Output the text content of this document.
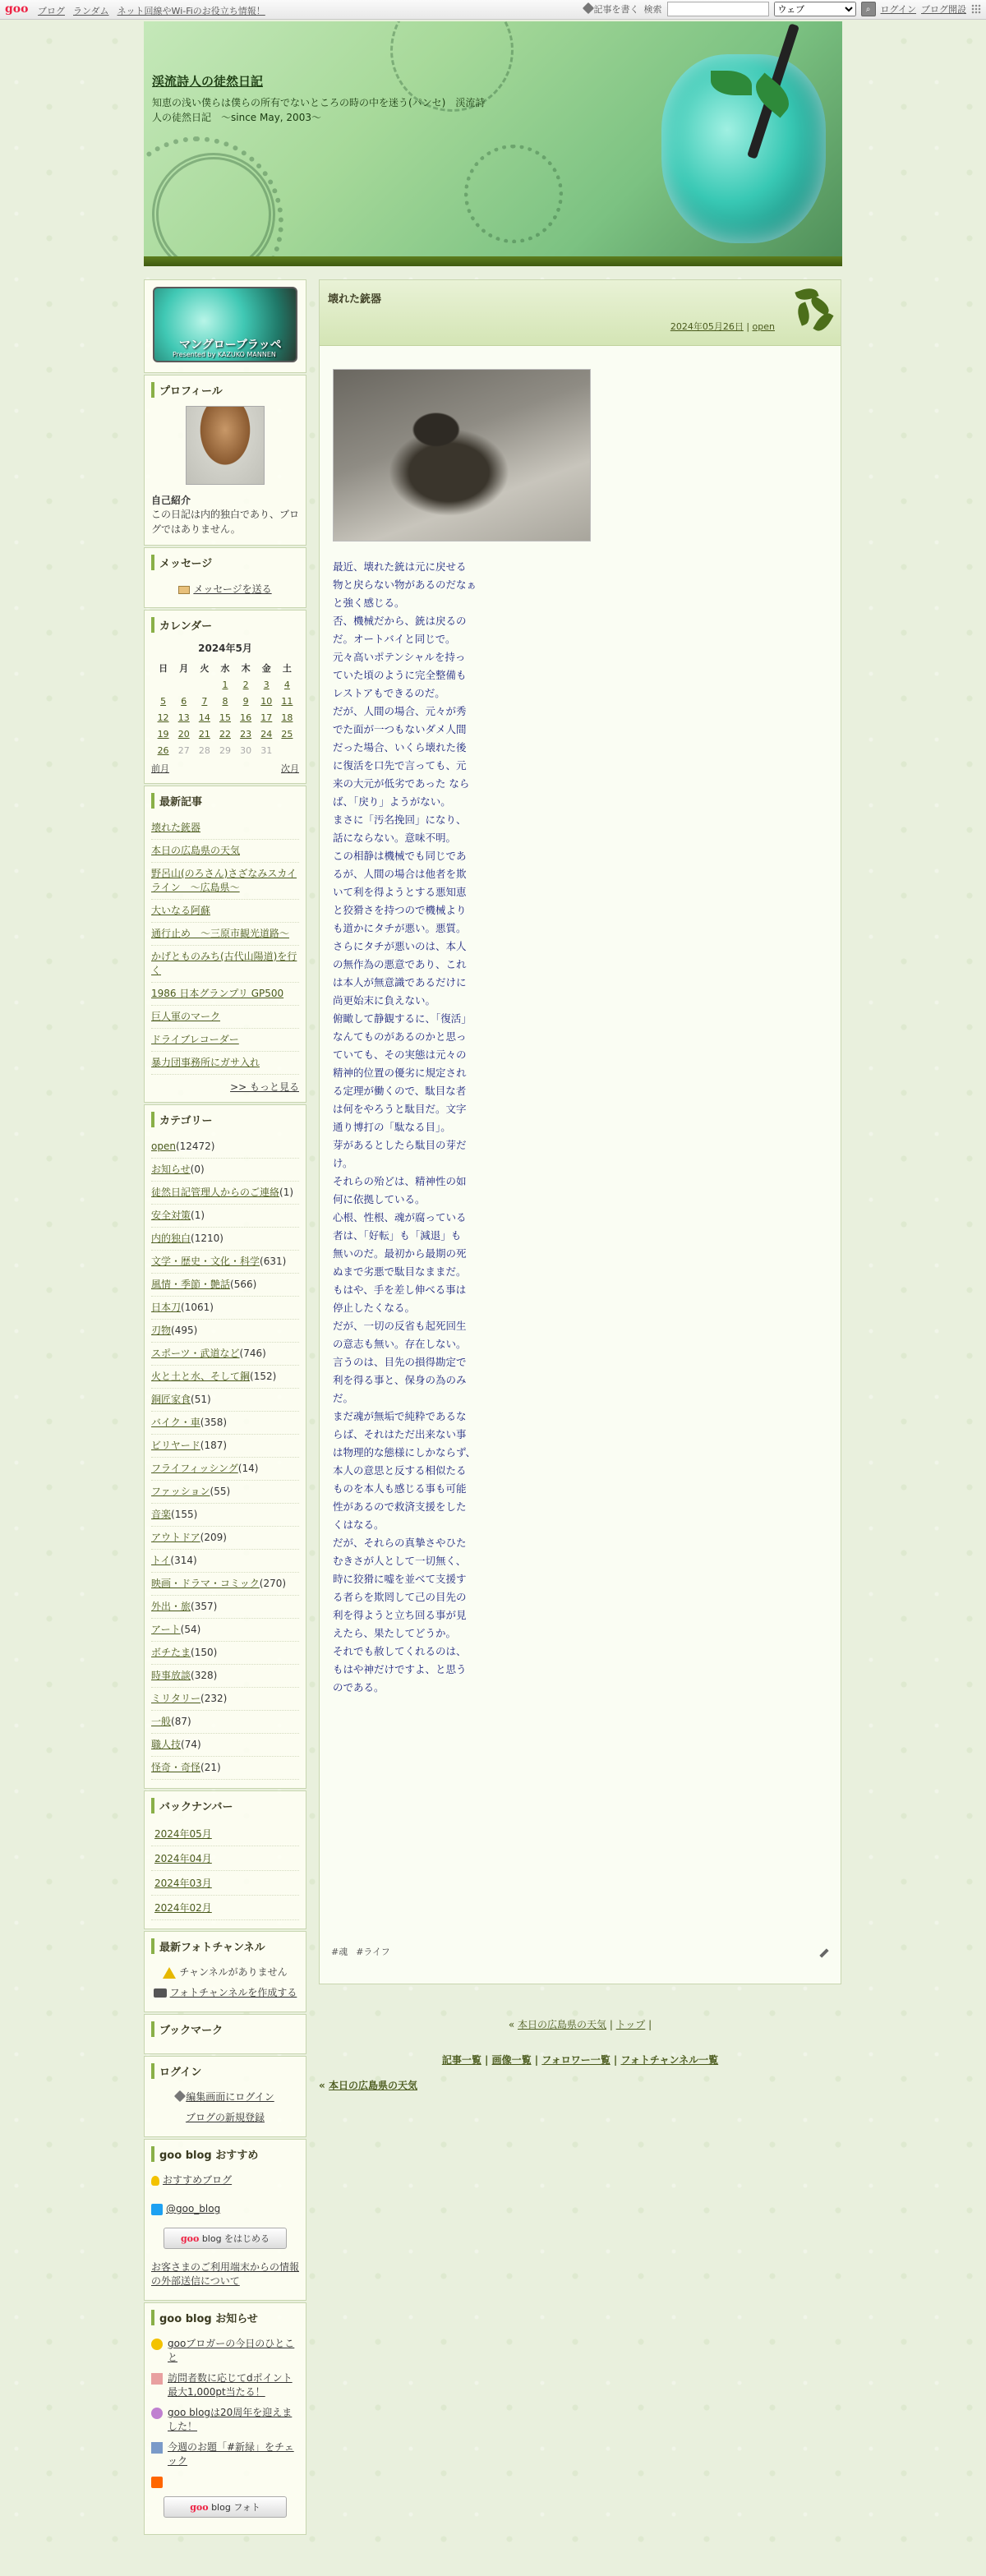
goo ブログ ランダム ネット回線やWi-Fiのお役立ち情報！	記事を書く 検索
ウェブ	⌕	ログイン ブログ開設
渓流詩人の徒然日記
知恵の浅い僕らは僕らの所有でないところの時の中を迷う(パンセ)　渓流詩人の徒然日記　～since May, 2003～
マングローブラッペ
Presented by KAZUKO MANNEN
プロフィール
自己紹介
この日記は内的独白であり、ブログではありません。
メッセージ
メッセージを送る
カレンダー
2024年5月
日	月	火	水	木	金	土
			1	2	3	4
5	6	7	8	9	10	11
12	13	14	15	16	17	18
19	20	21	22	23	24	25
26	27	28	29	30	31	
前月	次月
最新記事
壊れた銃器
本日の広島県の天気
野呂山(のろさん)さざなみスカイライン　～広島県～
大いなる阿蘇
通行止め　～三原市観光道路～
かげとものみち(古代山陽道)を行く
1986 日本グランプリ GP500
巨人軍のマーク
ドライブレコーダー
暴力団事務所にガサ入れ
>> もっと見る
カテゴリー
open(12472)
お知らせ(0)
徒然日記管理人からのご連絡(1)
安全対策(1)
内的独白(1210)
文学・歴史・文化・科学(631)
風情・季節・艶話(566)
日本刀(1061)
刃物(495)
スポーツ・武道など(746)
火と土と水、そして鋼(152)
銅匠家食(51)
バイク・車(358)
ビリヤード(187)
フライフィッシング(14)
ファッション(55)
音楽(155)
アウトドア(209)
トイ(314)
映画・ドラマ・コミック(270)
外出・旅(357)
アート(54)
ボチたま(150)
時事放談(328)
ミリタリー(232)
一般(87)
職人技(74)
怪奇・奇怪(21)
バックナンバー
2024年05月
2024年04月
2024年03月
2024年02月
最新フォトチャンネル
チャンネルがありません
フォトチャンネルを作成する
ブックマーク
ログイン
編集画面にログイン
ブログの新規登録
goo blog おすすめ
おすすめブログ
@goo_blog
goo blog をはじめる
お客さまのご利用端末からの情報の外部送信について
goo blog お知らせ
gooブロガーの今日のひとこと
訪問者数に応じてdポイント最大1,000pt当たる！
goo blogは20周年を迎えました！
今週のお題「#新緑」をチェック
goo blog フォト
壊れた銃器
2024年05月26日 | open
最近、壊れた銃は元に戻せる
物と戻らない物があるのだなぁ
と強く感じる。
否、機械だから、銃は戻るの
だ。オートバイと同じで。
元々高いポテンシャルを持っ
ていた頃のように完全整備も
レストアもできるのだ。
だが、人間の場合、元々が秀
でた面が一つもないダメ人間
だった場合、いくら壊れた後
に復活を口先で言っても、元
来の大元が低劣であった なら
ば、「戻り」ようがない。
まさに「汚名挽回」になり、
話にならない。意味不明。
この相静は機械でも同じであ
るが、人間の場合は他者を欺
いて利を得ようとする悪知恵
と狡猾さを持つので機械より
も道かにタチが悪い。悪質。
さらにタチが悪いのは、本人
の無作為の悪意であり、これ
は本人が無意識であるだけに
尚更始末に負えない。
俯瞰して静観するに、「復活」
なんてものがあるのかと思っ
ていても、その実態は元々の
精神的位置の優劣に規定され
る定理が働くので、駄目な者
は何をやろうと駄目だ。文字
通り博打の「駄なる目」。
芽があるとしたら駄目の芽だ
け。
それらの殆どは、精神性の如
何に依拠している。
心根、性根、魂が腐っている
者は、「好転」も「減退」も
無いのだ。最初から最期の死
ぬまで劣悪で駄目なままだ。
もはや、手を差し伸べる事は
停止したくなる。
だが、一切の反省も起死回生
の意志も無い。存在しない。
言うのは、目先の損得勘定で
利を得る事と、保身の為のみ
だ。
まだ魂が無垢で純粋であるな
らば、それはただ出来ない事
は物理的な態様にしかならず、
本人の意思と反する相似たる
ものを本人も感じる事も可能
性があるので救済支援をした
くはなる。
だが、それらの真摯さやひた
むきさが人として一切無く、
時に狡猾に嘘を並べて支援す
る者らを欺罔して己の目先の
利を得ようと立ち回る事が見
えたら、果たしてどうか。
それでも赦してくれるのは、
もはや神だけですよ、と思う
のである。
#魂 #ライフ
« 本日の広島県の天気 | トップ |
記事一覧 | 画像一覧 | フォロワー一覧 | フォトチャンネル一覧
« 本日の広島県の天気
